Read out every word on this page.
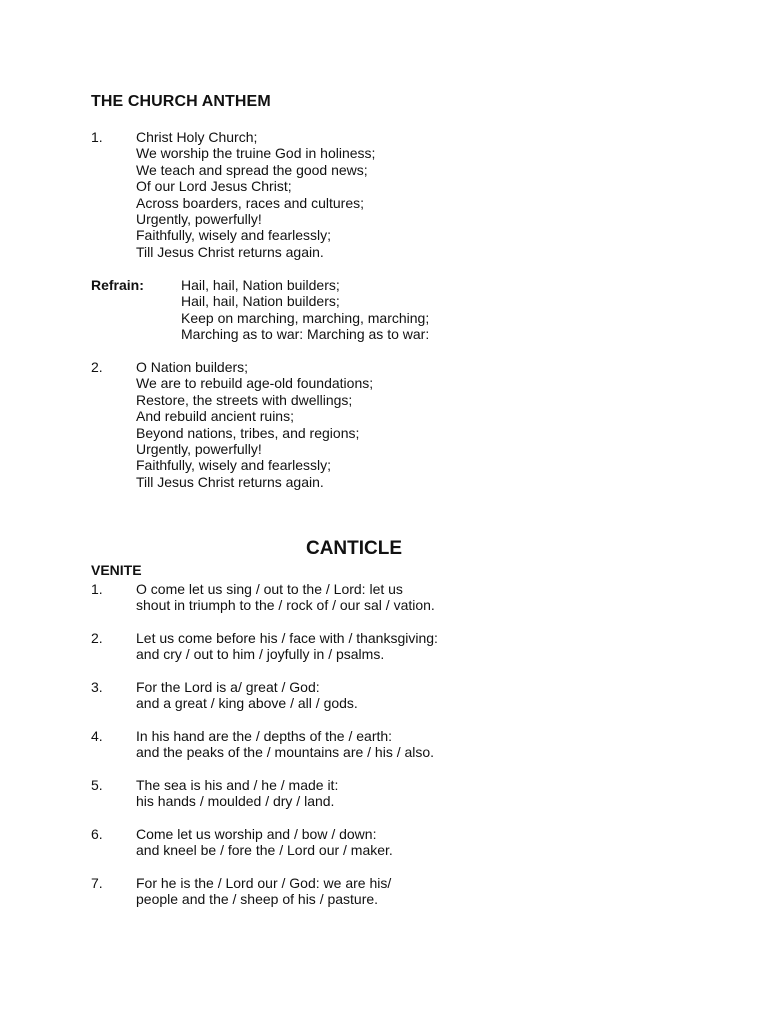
THE CHURCH ANTHEM
1. Christ Holy Church;
We worship the truine God in holiness;
We teach and spread the good news;
Of our Lord Jesus Christ;
Across boarders, races and cultures;
Urgently, powerfully!
Faithfully, wisely and fearlessly;
Till Jesus Christ returns again.
Refrain:	Hail, hail, Nation builders;
Hail, hail, Nation builders;
Keep on marching, marching, marching;
Marching as to war: Marching as to war:
2. O Nation builders;
We are to rebuild age-old foundations;
Restore, the streets with dwellings;
And rebuild ancient ruins;
Beyond nations, tribes, and regions;
Urgently, powerfully!
Faithfully, wisely and fearlessly;
Till Jesus Christ returns again.
CANTICLE
VENITE
1. O come let us sing / out to the / Lord: let us
shout in triumph to the / rock of / our sal / vation.
2. Let us come before his / face with / thanksgiving:
and cry / out to him / joyfully in / psalms.
3. For the Lord is a/ great / God:
and a great / king above / all / gods.
4. In his hand are the / depths of the / earth:
and the peaks of the / mountains are / his / also.
5. The sea is his and / he / made it:
his hands / moulded / dry / land.
6. Come let us worship and / bow / down:
and kneel be / fore the / Lord our / maker.
7. For he is the / Lord our / God: we are his/
people and the / sheep of his / pasture.
